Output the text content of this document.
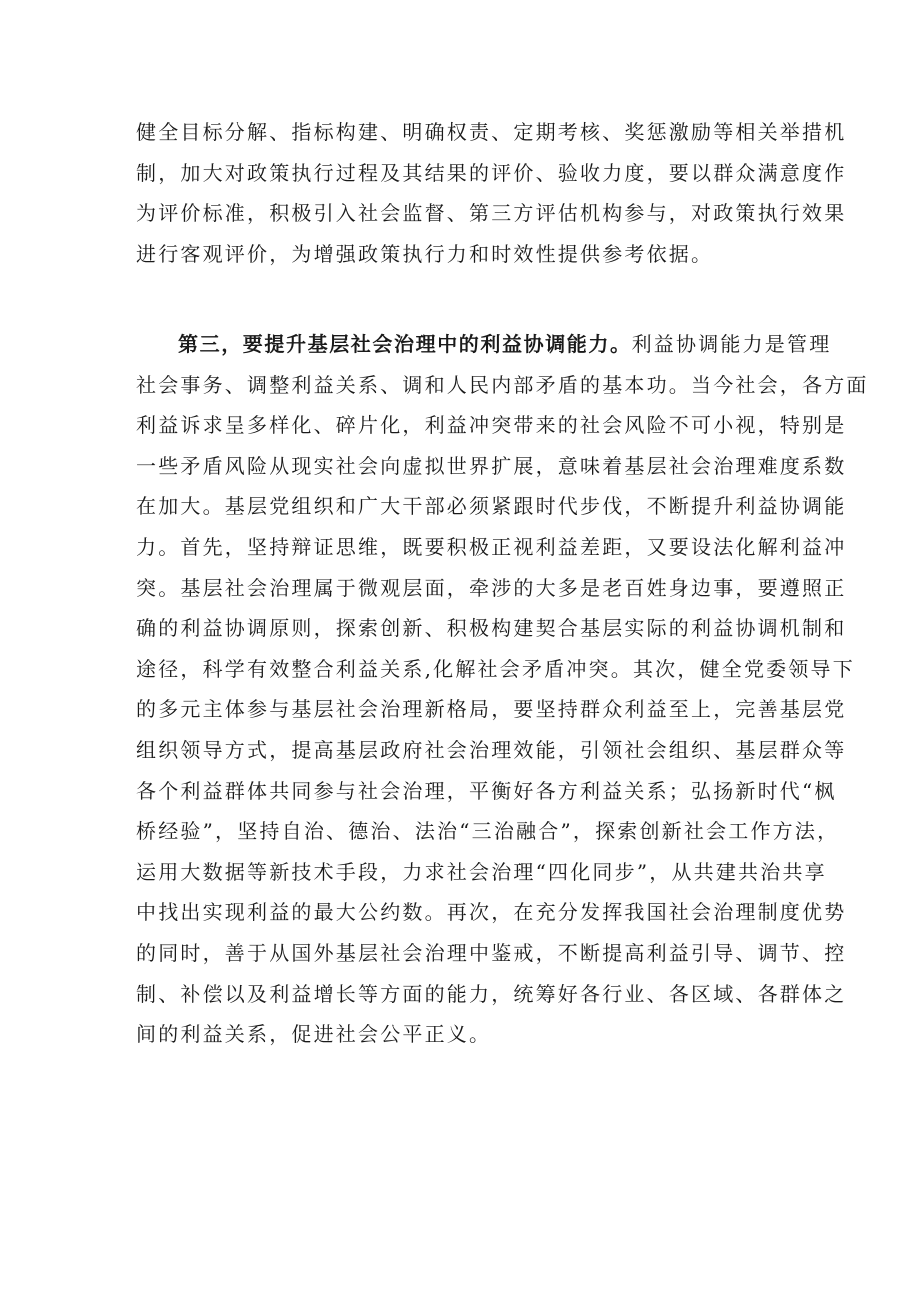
健全目标分解、指标构建、明确权责、定期考核、奖惩激励等相关举措机
制，加大对政策执行过程及其结果的评价、验收力度，要以群众满意度作
为评价标准，积极引入社会监督、第三方评估机构参与，对政策执行效果
进行客观评价，为增强政策执行力和时效性提供参考依据。
第三，要提升基层社会治理中的利益协调能力。利益协调能力是管理
社会事务、调整利益关系、调和人民内部矛盾的基本功。当今社会，各方面
利益诉求呈多样化、碎片化，利益冲突带来的社会风险不可小视，特别是
一些矛盾风险从现实社会向虚拟世界扩展，意味着基层社会治理难度系数
在加大。基层党组织和广大干部必须紧跟时代步伐，不断提升利益协调能
力。首先，坚持辩证思维，既要积极正视利益差距，又要设法化解利益冲
突。基层社会治理属于微观层面，牵涉的大多是老百姓身边事，要遵照正
确的利益协调原则，探索创新、积极构建契合基层实际的利益协调机制和
途径，科学有效整合利益关系,化解社会矛盾冲突。其次，健全党委领导下
的多元主体参与基层社会治理新格局，要坚持群众利益至上，完善基层党
组织领导方式，提高基层政府社会治理效能，引领社会组织、基层群众等
各个利益群体共同参与社会治理，平衡好各方利益关系；弘扬新时代“枫
桥经验”，坚持自治、德治、法治“三治融合”，探索创新社会工作方法，
运用大数据等新技术手段，力求社会治理“四化同步”，从共建共治共享
中找出实现利益的最大公约数。再次，在充分发挥我国社会治理制度优势
的同时，善于从国外基层社会治理中鉴戒，不断提高利益引导、调节、控
制、补偿以及利益增长等方面的能力，统筹好各行业、各区域、各群体之
间的利益关系，促进社会公平正义。
